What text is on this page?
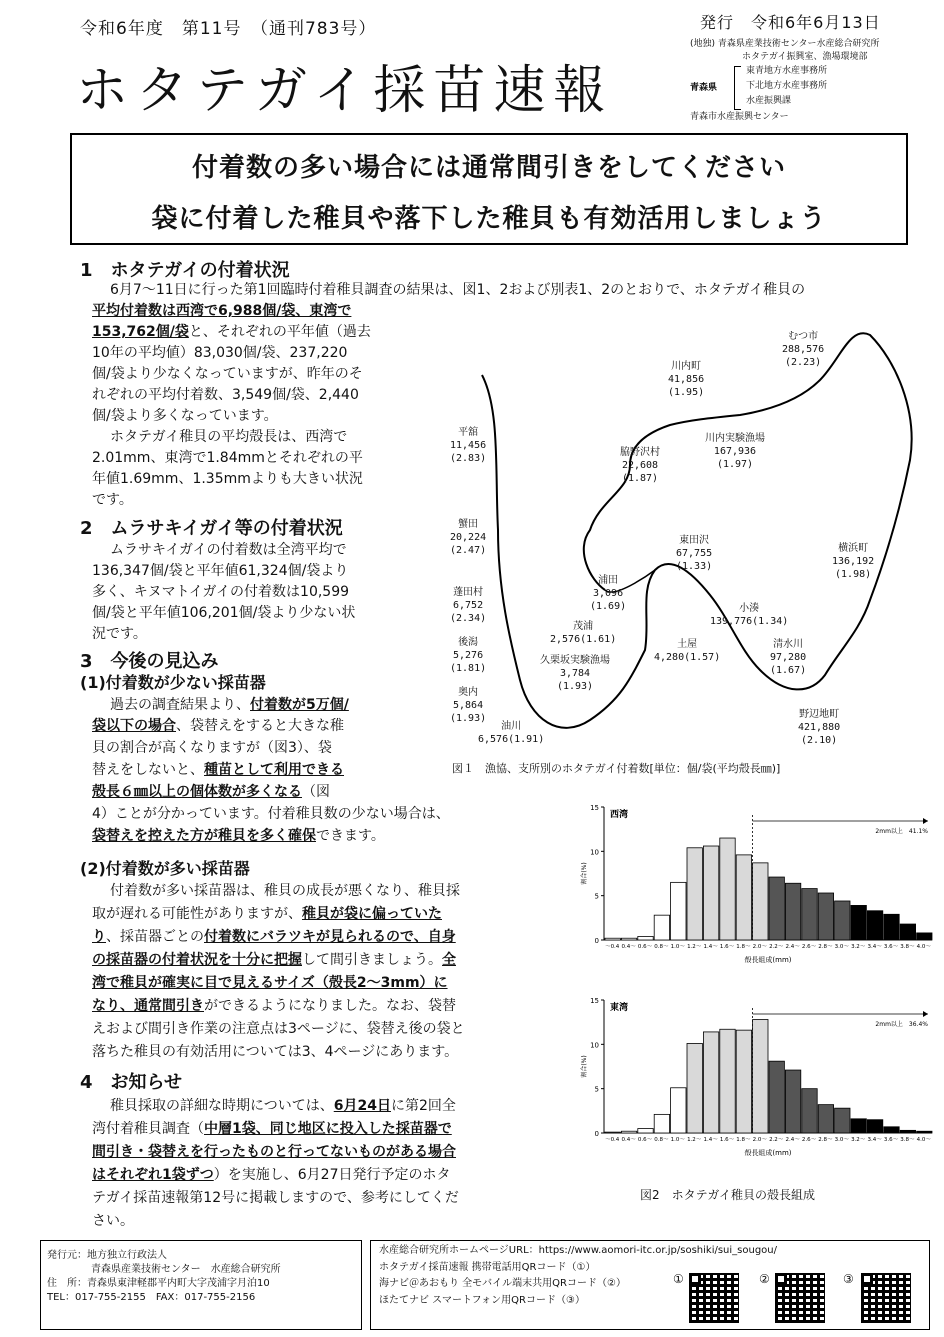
令和6年度　第11号　（通刊783号）	発行　令和6年6月13日
ホタテガイ採苗速報
(地独) 青森県産業技術センター水産総合研究所
ホタテガイ振興室、漁場環境部
青森県
東青地方水産事務所
下北地方水産事務所
水産振興課
青森市水産振興センター
付着数の多い場合には通常間引きをしてください
袋に付着した稚貝や落下した稚貝も有効活用しましょう
1　ホタテガイの付着状況
6月7～11日に行った第1回臨時付着稚貝調査の結果は、図1、2および別表1、2のとおりで、ホタテガイ稚貝の
平均付着数は西湾で6,988個/袋、東湾で
153,762個/袋と、それぞれの平年値（過去
10年の平均値）83,030個/袋、237,220
個/袋より少なくなっていますが、昨年のそ
れぞれの平均付着数、3,549個/袋、2,440
個/袋より多くなっています。
ホタテガイ稚貝の平均殻長は、西湾で
2.01mm、東湾で1.84mmとそれぞれの平
年値1.69mm、1.35mmよりも大きい状況
です。
2　ムラサキイガイ等の付着状況
ムラサキイガイの付着数は全湾平均で
136,347個/袋と平年値61,324個/袋より
多く、キヌマトイガイの付着数は10,599
個/袋と平年値106,201個/袋より少ない状
況です。
3　今後の見込み
(1)付着数が少ない採苗器
過去の調査結果より、付着数が5万個/
袋以下の場合、袋替えをすると大きな稚
貝の割合が高くなりますが（図3）、袋
替えをしないと、種苗として利用できる
殻長６㎜以上の個体数が多くなる（図
4）ことが分かっています。付着稚貝数の少ない場合は、
袋替えを控えた方が稚貝を多く確保できます。
(2)付着数が多い採苗器
付着数が多い採苗器は、稚貝の成長が悪くなり、稚貝採
取が遅れる可能性がありますが、稚貝が袋に偏っていた
り、採苗器ごとの付着数にバラツキが見られるので、自身
の採苗器の付着状況を十分に把握して間引きましょう。全
湾で稚貝が確実に目で見えるサイズ（殻長2～3mm）に
なり、通常間引きができるようになりました。なお、袋替
えおよび間引き作業の注意点は3ページに、袋替え後の袋と
落ちた稚貝の有効活用については3、4ページにあります。
4　お知らせ
稚貝採取の詳細な時期については、6月24日に第2回全
湾付着稚貝調査（中層1袋、同じ地区に投入した採苗器で
間引き・袋替えを行ったものと行ってないものがある場合
はそれぞれ1袋ずつ）を実施し、6月27日発行予定のホタ
テガイ採苗速報第12号に掲載しますので、参考にしてくだ
さい。
むつ市
288,576
(2.23)
川内町
41,856
(1.95)
平舘
11,456
(2.83)
脇野沢村
22,608
(1.87)
川内実験漁場
167,936
(1.97)
蟹田
20,224
(2.47)
東田沢
67,755
(1.33)
横浜町
136,192
(1.98)
浦田
3,096
(1.69)
蓬田村
6,752
(2.34)
小湊
139,776(1.34)
茂浦
2,576(1.61)	土屋
4,280(1.57)
清水川
97,280
(1.67)
後潟
5,276
(1.81)
久栗坂実験漁場
3,784
(1.93)
奥内
5,864
(1.93)	野辺地町
421,880
(2.10)
油川
6,576(1.91)
図１　漁協、支所別のホタテガイ付着数[単位：個/袋(平均殻長㎜)]
0
5
10
15
割合(%)
～0.4 0.4～ 0.6～ 0.8～ 1.0～ 1.2～ 1.4～ 1.6～ 1.8～ 2.0～ 2.2～ 2.4～ 2.6～ 2.8～ 3.0～ 3.2～ 3.4～ 3.6～ 3.8～ 4.0～
殻長組成(mm)
西湾
2mm以上　41.1%
0
5
10
15
割合(%)
～0.4 0.4～ 0.6～ 0.8～ 1.0～ 1.2～ 1.4～ 1.6～ 1.8～ 2.0～ 2.2～ 2.4～ 2.6～ 2.8～ 3.0～ 3.2～ 3.4～ 3.6～ 3.8～ 4.0～
殻長組成(mm)
東湾
2mm以上　36.4%
図2　ホタテガイ稚貝の殻長組成
発行元：地方独立行政法人
青森県産業技術センター　水産総合研究所
住　所：青森県東津軽郡平内町大字茂浦字月泊10
TEL：017-755-2155　FAX：017-755-2156
水産総合研究所ホームページURL：https://www.aomori-itc.or.jp/soshiki/sui_sougou/
ホタテガイ採苗速報 携帯電話用QRコード（①）
海ナビ＠あおもり 全モバイル端末共用QRコード（②）
ほたてナビ スマートフォン用QRコード（③）
①	②	③
